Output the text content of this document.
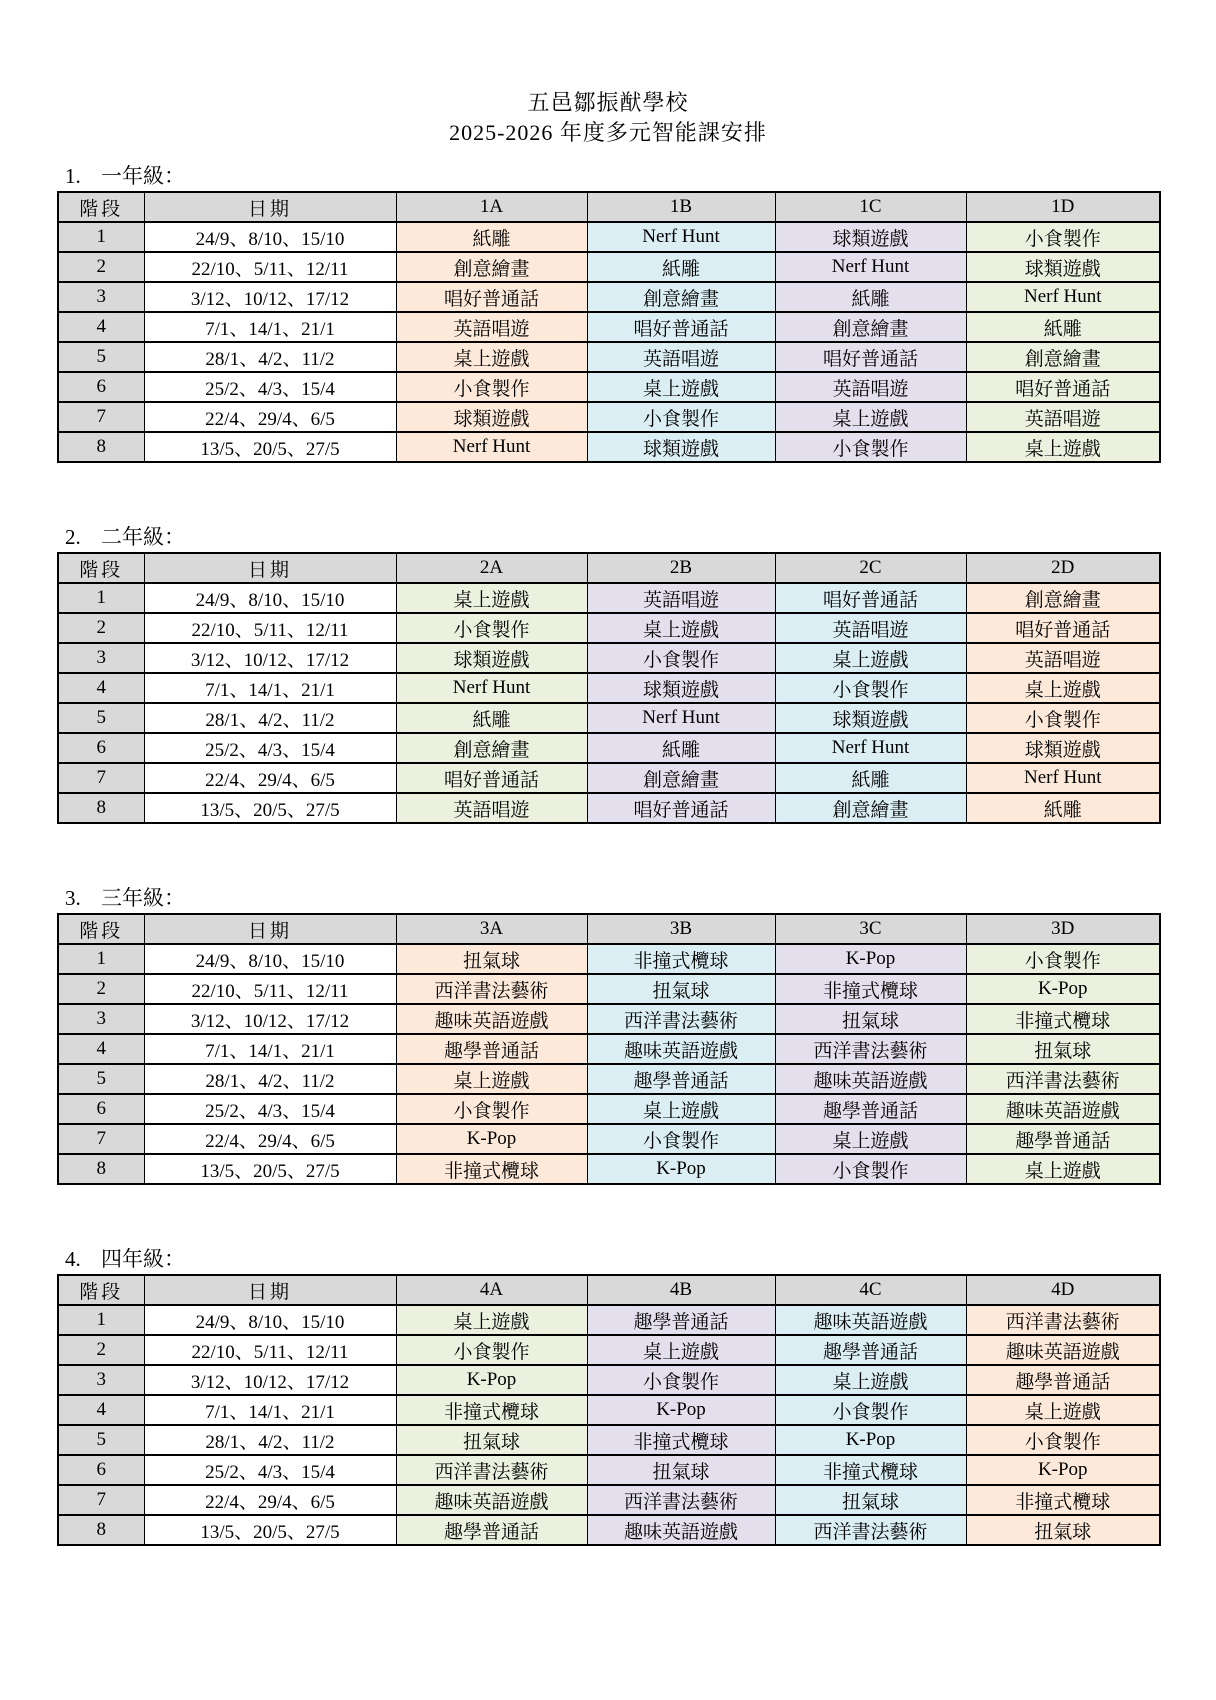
五邑鄒振猷學校
2025-2026 年度多元智能課安排
1. 一年級：
階段	日期	1A	1B	1C	1D
1	24/9、8/10、15/10	紙雕	Nerf Hunt	球類遊戲	小食製作
2	22/10、5/11、12/11	創意繪畫	紙雕	Nerf Hunt	球類遊戲
3	3/12、10/12、17/12	唱好普通話	創意繪畫	紙雕	Nerf Hunt
4	7/1、14/1、21/1	英語唱遊	唱好普通話	創意繪畫	紙雕
5	28/1、4/2、11/2	桌上遊戲	英語唱遊	唱好普通話	創意繪畫
6	25/2、4/3、15/4	小食製作	桌上遊戲	英語唱遊	唱好普通話
7	22/4、29/4、6/5	球類遊戲	小食製作	桌上遊戲	英語唱遊
8	13/5、20/5、27/5	Nerf Hunt	球類遊戲	小食製作	桌上遊戲
2. 二年級：
階段	日期	2A	2B	2C	2D
1	24/9、8/10、15/10	桌上遊戲	英語唱遊	唱好普通話	創意繪畫
2	22/10、5/11、12/11	小食製作	桌上遊戲	英語唱遊	唱好普通話
3	3/12、10/12、17/12	球類遊戲	小食製作	桌上遊戲	英語唱遊
4	7/1、14/1、21/1	Nerf Hunt	球類遊戲	小食製作	桌上遊戲
5	28/1、4/2、11/2	紙雕	Nerf Hunt	球類遊戲	小食製作
6	25/2、4/3、15/4	創意繪畫	紙雕	Nerf Hunt	球類遊戲
7	22/4、29/4、6/5	唱好普通話	創意繪畫	紙雕	Nerf Hunt
8	13/5、20/5、27/5	英語唱遊	唱好普通話	創意繪畫	紙雕
3. 三年級：
階段	日期	3A	3B	3C	3D
1	24/9、8/10、15/10	扭氣球	非撞式欖球	K-Pop	小食製作
2	22/10、5/11、12/11	西洋書法藝術	扭氣球	非撞式欖球	K-Pop
3	3/12、10/12、17/12	趣味英語遊戲	西洋書法藝術	扭氣球	非撞式欖球
4	7/1、14/1、21/1	趣學普通話	趣味英語遊戲	西洋書法藝術	扭氣球
5	28/1、4/2、11/2	桌上遊戲	趣學普通話	趣味英語遊戲	西洋書法藝術
6	25/2、4/3、15/4	小食製作	桌上遊戲	趣學普通話	趣味英語遊戲
7	22/4、29/4、6/5	K-Pop	小食製作	桌上遊戲	趣學普通話
8	13/5、20/5、27/5	非撞式欖球	K-Pop	小食製作	桌上遊戲
4. 四年級：
階段	日期	4A	4B	4C	4D
1	24/9、8/10、15/10	桌上遊戲	趣學普通話	趣味英語遊戲	西洋書法藝術
2	22/10、5/11、12/11	小食製作	桌上遊戲	趣學普通話	趣味英語遊戲
3	3/12、10/12、17/12	K-Pop	小食製作	桌上遊戲	趣學普通話
4	7/1、14/1、21/1	非撞式欖球	K-Pop	小食製作	桌上遊戲
5	28/1、4/2、11/2	扭氣球	非撞式欖球	K-Pop	小食製作
6	25/2、4/3、15/4	西洋書法藝術	扭氣球	非撞式欖球	K-Pop
7	22/4、29/4、6/5	趣味英語遊戲	西洋書法藝術	扭氣球	非撞式欖球
8	13/5、20/5、27/5	趣學普通話	趣味英語遊戲	西洋書法藝術	扭氣球
